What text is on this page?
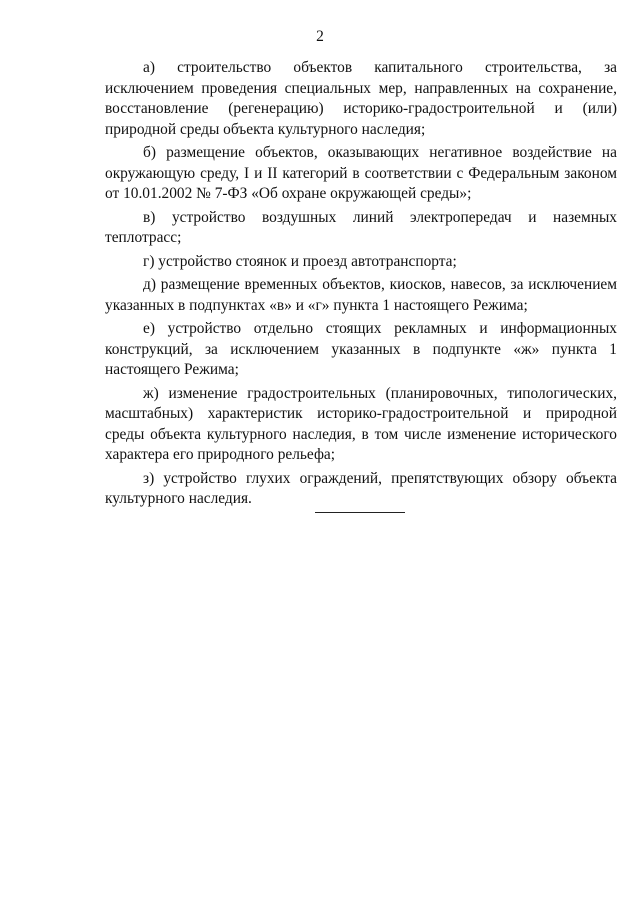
2

а) строительство объектов капитального строительства, за исключением проведения специальных мер, направленных на сохранение, восстановление (регенерацию) историко-градостроительной и (или) природной среды объекта культурного наследия;

б) размещение объектов, оказывающих негативное воздействие на окружающую среду, I и II категорий в соответствии с Федеральным законом от 10.01.2002 № 7-ФЗ «Об охране окружающей среды»;

в) устройство воздушных линий электропередач и наземных теплотрасс;

г) устройство стоянок и проезд автотранспорта;

д) размещение временных объектов, киосков, навесов, за исключением указанных в подпунктах «в» и «г» пункта 1 настоящего Режима;

е) устройство отдельно стоящих рекламных и информационных конструкций, за исключением указанных в подпункте «ж» пункта 1 настоящего Режима;

ж) изменение градостроительных (планировочных, типологических, масштабных) характеристик историко-градостроительной и природной среды объекта культурного наследия, в том числе изменение исторического характера его природного рельефа;

з) устройство глухих ограждений, препятствующих обзору объекта культурного наследия.
